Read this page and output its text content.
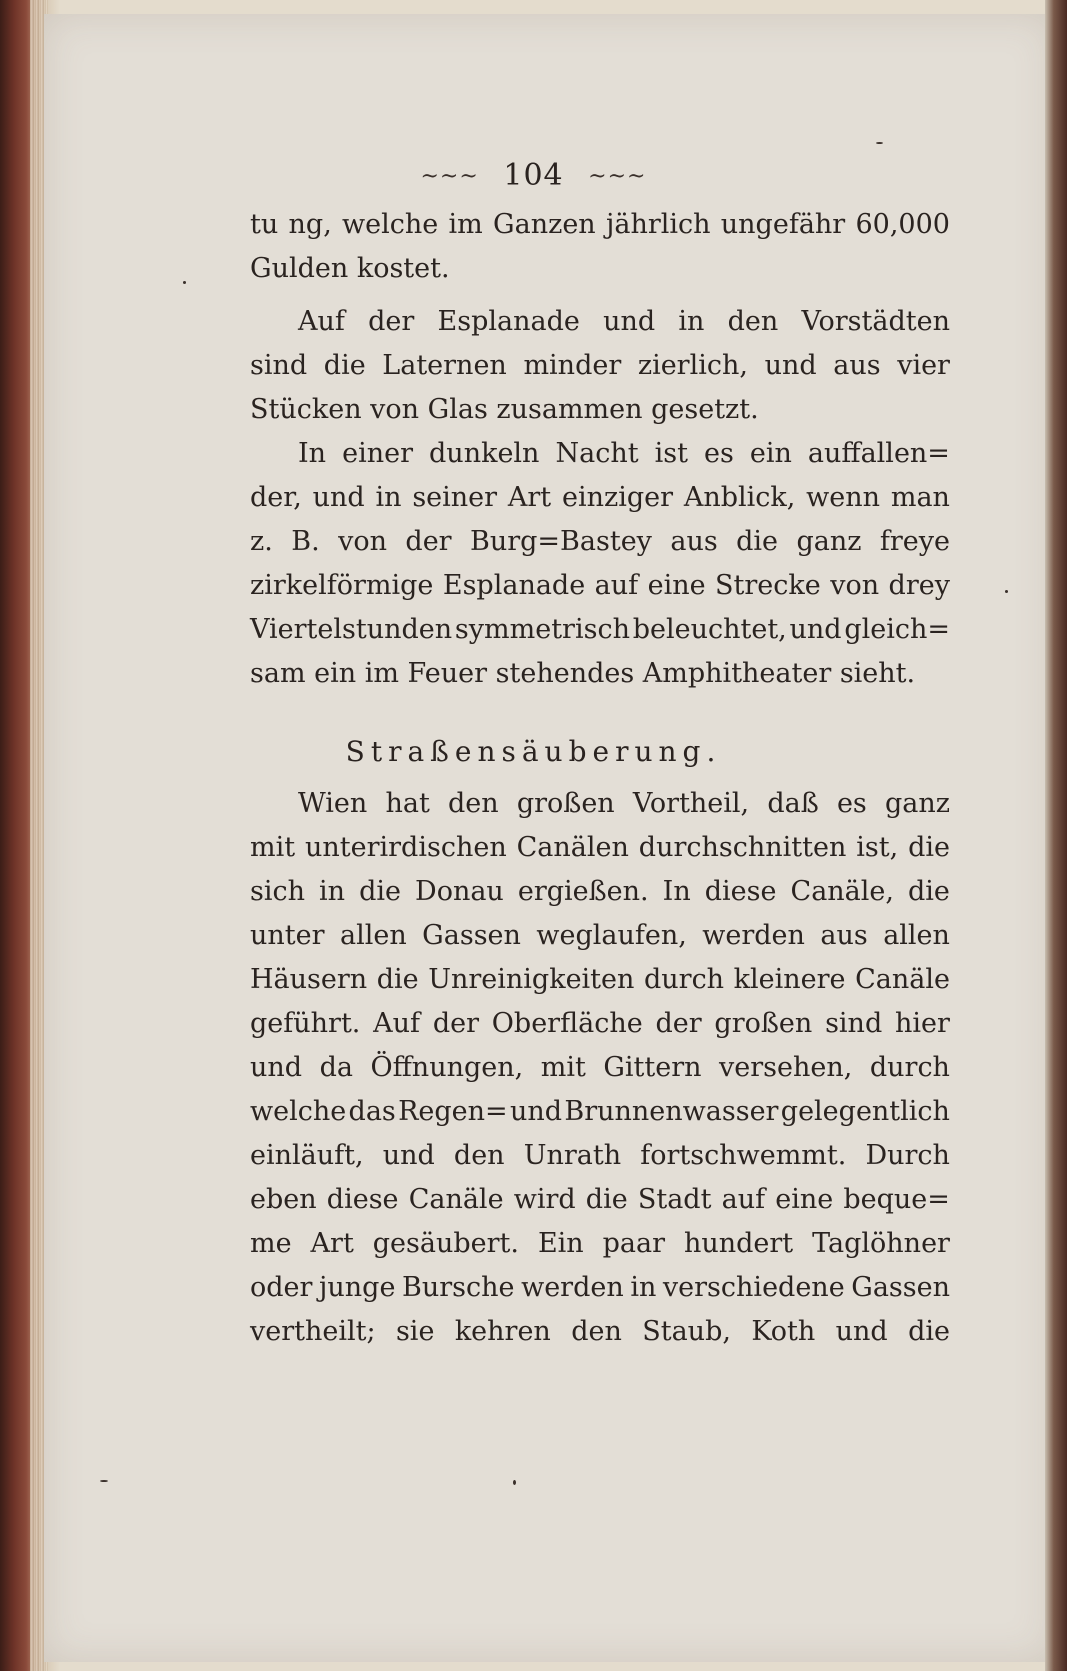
~~~ 104 ~~~
tu ng, welche im Ganzen jährlich ungefähr 60,000
Gulden kostet.
Auf der Esplanade und in den Vorstädten
sind die Laternen minder zierlich, und aus vier
Stücken von Glas zusammen gesetzt.
In einer dunkeln Nacht ist es ein auffallen=
der, und in seiner Art einziger Anblick, wenn man
z. B. von der Burg=Bastey aus die ganz freye
zirkelförmige Esplanade auf eine Strecke von drey
Viertelstunden symmetrisch beleuchtet, und gleich=
sam ein im Feuer stehendes Amphitheater sieht.
Straßensäuberung.
Wien hat den großen Vortheil, daß es ganz
mit unterirdischen Canälen durchschnitten ist, die
sich in die Donau ergießen. In diese Canäle, die
unter allen Gassen weglaufen, werden aus allen
Häusern die Unreinigkeiten durch kleinere Canäle
geführt. Auf der Oberfläche der großen sind hier
und da Öffnungen, mit Gittern versehen, durch
welche das Regen= und Brunnenwasser gelegentlich
einläuft, und den Unrath fortschwemmt. Durch
eben diese Canäle wird die Stadt auf eine beque=
me Art gesäubert. Ein paar hundert Taglöhner
oder junge Bursche werden in verschiedene Gassen
vertheilt; sie kehren den Staub, Koth und die
